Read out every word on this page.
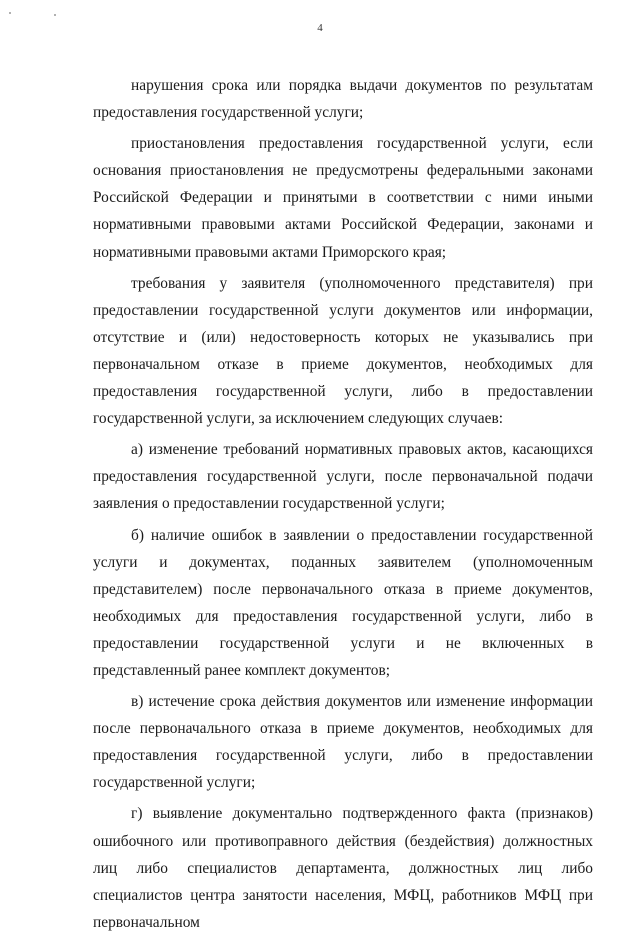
4

нарушения срока или порядка выдачи документов по результатам предоставления государственной услуги;

приостановления предоставления государственной услуги, если основания приостановления не предусмотрены федеральными законами Российской Федерации и принятыми в соответствии с ними иными нормативными правовыми актами Российской Федерации, законами и нормативными правовыми актами Приморского края;

требования у заявителя (уполномоченного представителя) при предоставлении государственной услуги документов или информации, отсутствие и (или) недостоверность которых не указывались при первоначальном отказе в приеме документов, необходимых для предоставления государственной услуги, либо в предоставлении государственной услуги, за исключением следующих случаев:

а) изменение требований нормативных правовых актов, касающихся предоставления государственной услуги, после первоначальной подачи заявления о предоставлении государственной услуги;

б) наличие ошибок в заявлении о предоставлении государственной услуги и документах, поданных заявителем (уполномоченным представителем) после первоначального отказа в приеме документов, необходимых для предоставления государственной услуги, либо в предоставлении государственной услуги и не включенных в представленный ранее комплект документов;

в) истечение срока действия документов или изменение информации после первоначального отказа в приеме документов, необходимых для предоставления государственной услуги, либо в предоставлении государственной услуги;

г) выявление документально подтвержденного факта (признаков) ошибочного или противоправного действия (бездействия) должностных лиц либо специалистов департамента, должностных лиц либо специалистов центра занятости населения, МФЦ, работников МФЦ при первоначальном
